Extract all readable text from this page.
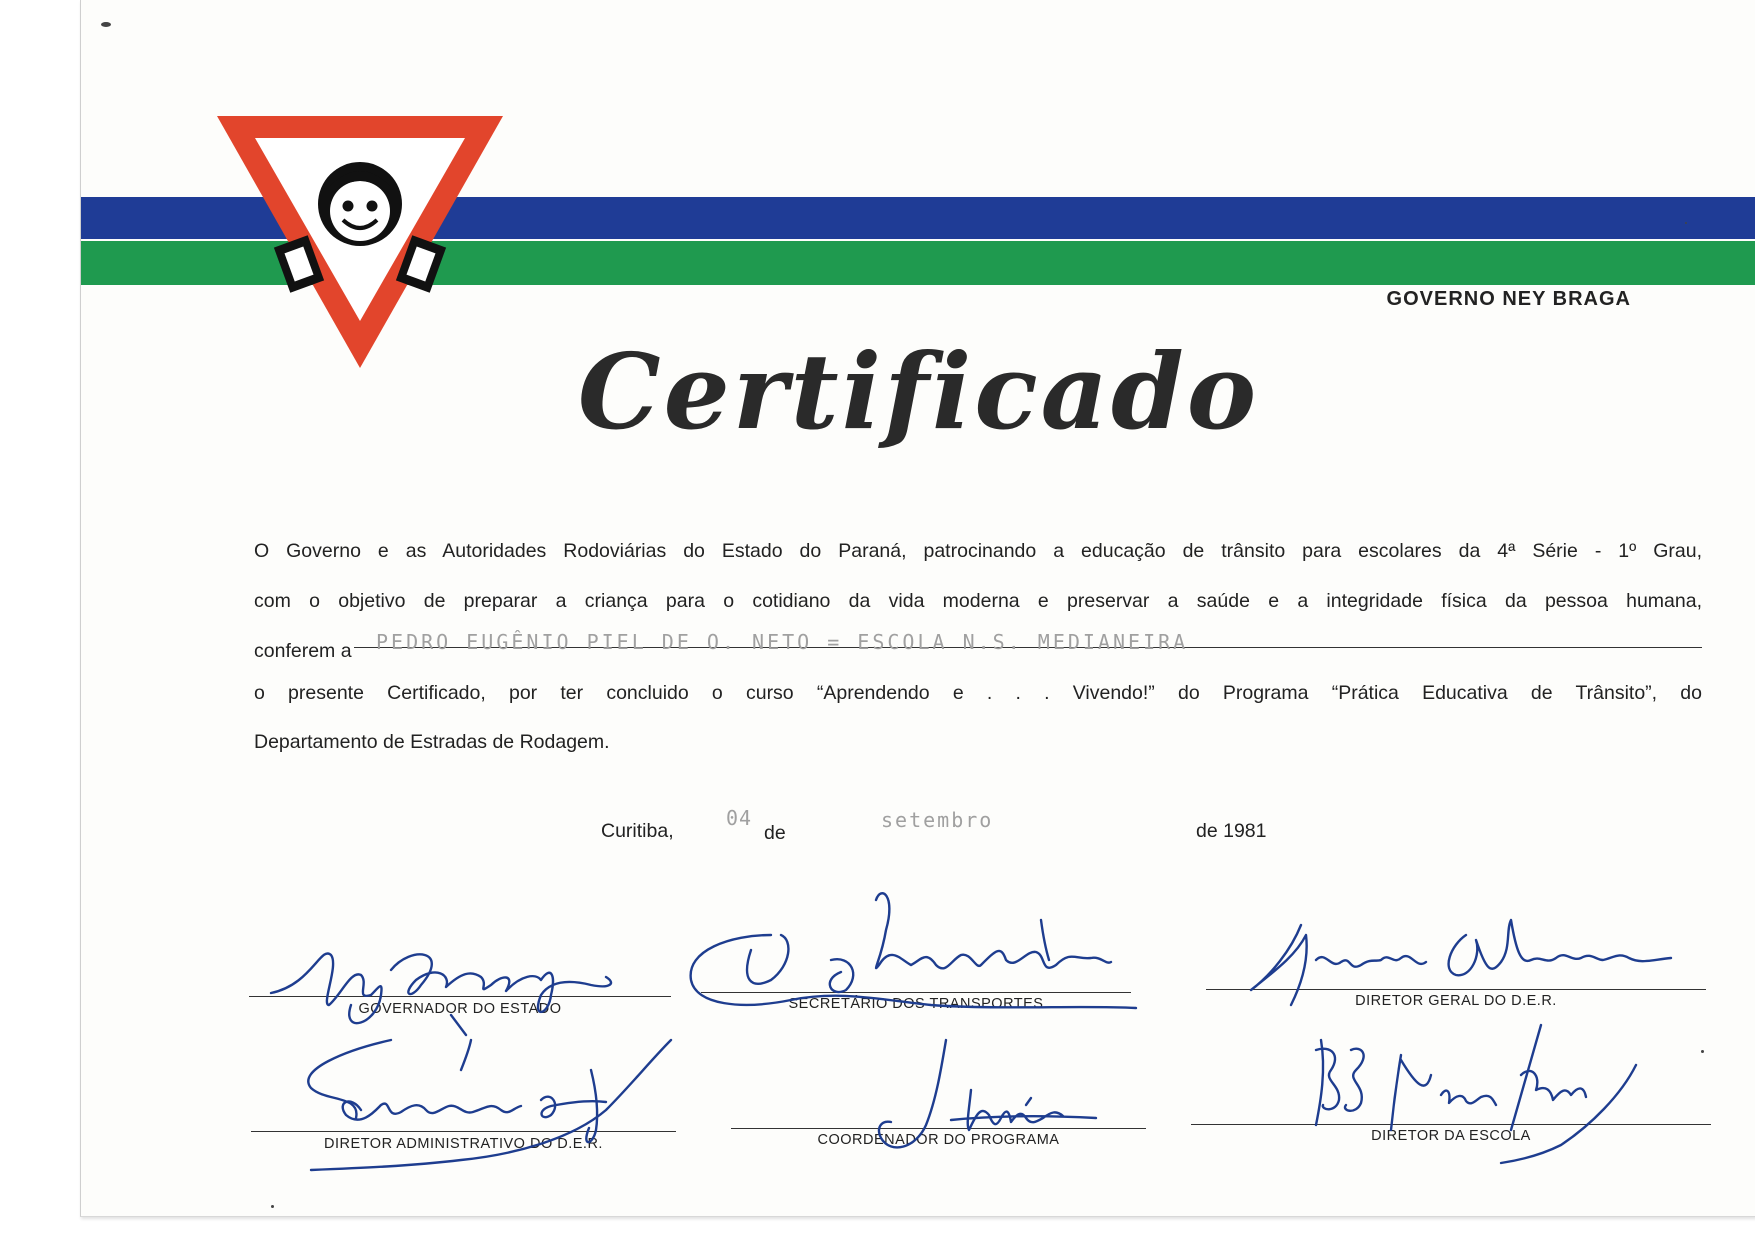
GOVERNO NEY BRAGA
Certificado
O Governo e as Autoridades Rodoviárias do Estado do Paraná, patrocinando a educação de trânsito para escolares da 4ª Série - 1º Grau,
com o objetivo de preparar a criança para o cotidiano da vida moderna e preservar a saúde e a integridade física da pessoa humana,
conferem a PEDRO EUGÊNIO PIEL DE O. NETO = ESCOLA N.S. MEDIANEIRA
o presente Certificado, por ter concluido o curso “Aprendendo e . . . Vivendo!” do Programa “Prática Educativa de Trânsito”, do
Departamento de Estradas de Rodagem.
Curitiba,
04
de
setembro	de 1981
GOVERNADOR DO ESTADO	SECRETÁRIO DOS TRANSPORTES	DIRETOR GERAL DO D.E.R.
DIRETOR ADMINISTRATIVO DO D.E.R.	COORDENADOR DO PROGRAMA	DIRETOR DA ESCOLA
